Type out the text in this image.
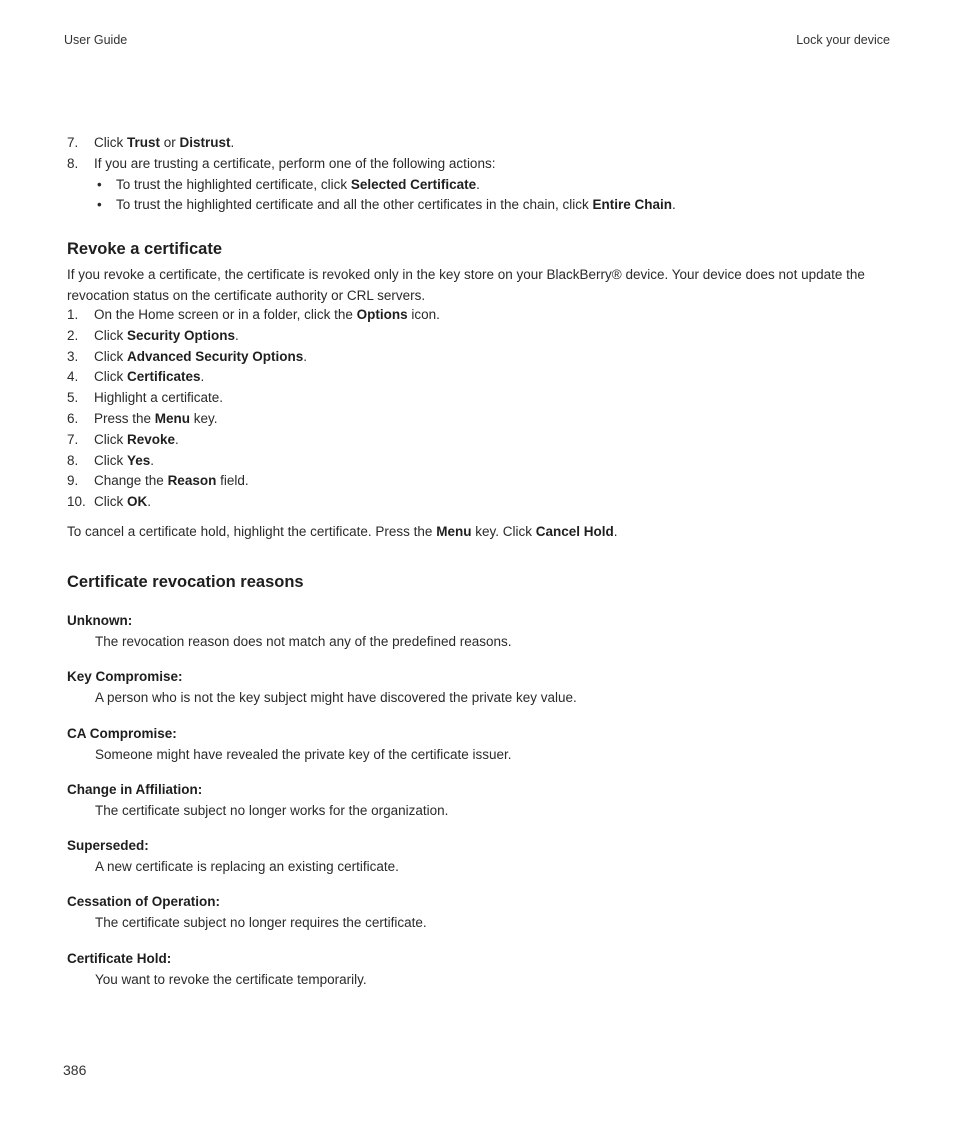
User Guide	Lock your device
7. Click Trust or Distrust.
8. If you are trusting a certificate, perform one of the following actions:
• To trust the highlighted certificate, click Selected Certificate.
• To trust the highlighted certificate and all the other certificates in the chain, click Entire Chain.
Revoke a certificate
If you revoke a certificate, the certificate is revoked only in the key store on your BlackBerry® device. Your device does not update the revocation status on the certificate authority or CRL servers.
1. On the Home screen or in a folder, click the Options icon.
2. Click Security Options.
3. Click Advanced Security Options.
4. Click Certificates.
5. Highlight a certificate.
6. Press the Menu key.
7. Click Revoke.
8. Click Yes.
9. Change the Reason field.
10. Click OK.
To cancel a certificate hold, highlight the certificate. Press the Menu key. Click Cancel Hold.
Certificate revocation reasons
Unknown:
The revocation reason does not match any of the predefined reasons.
Key Compromise:
A person who is not the key subject might have discovered the private key value.
CA Compromise:
Someone might have revealed the private key of the certificate issuer.
Change in Affiliation:
The certificate subject no longer works for the organization.
Superseded:
A new certificate is replacing an existing certificate.
Cessation of Operation:
The certificate subject no longer requires the certificate.
Certificate Hold:
You want to revoke the certificate temporarily.
386
